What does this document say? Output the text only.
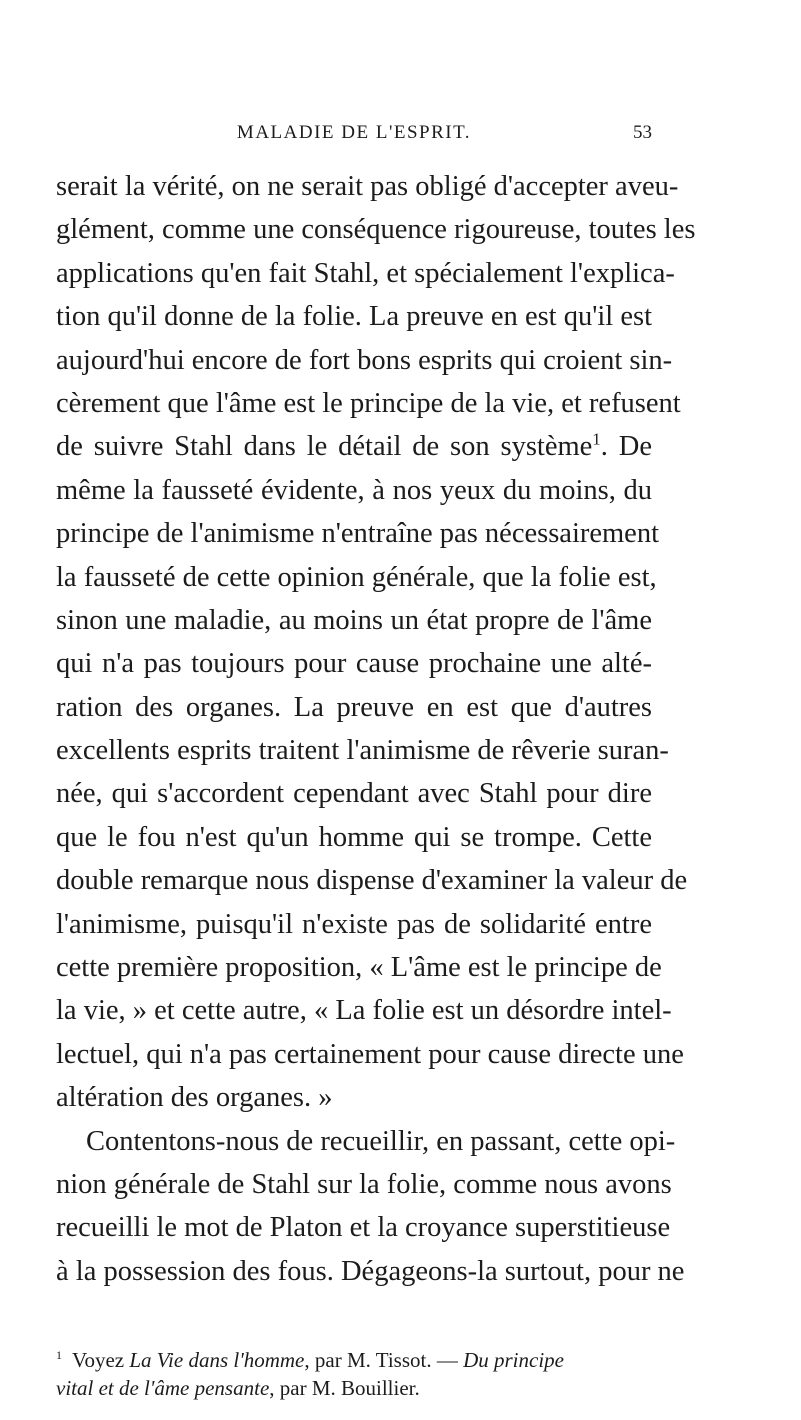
MALADIE DE L'ESPRIT.	53
serait la vérité, on ne serait pas obligé d'accepter aveu-
glément, comme une conséquence rigoureuse, toutes les
applications qu'en fait Stahl, et spécialement l'explica-
tion qu'il donne de la folie. La preuve en est qu'il est
aujourd'hui encore de fort bons esprits qui croient sin-
cèrement que l'âme est le principe de la vie, et refusent
de suivre Stahl dans le détail de son système$^1$. De
même la fausseté évidente, à nos yeux du moins, du
principe de l'animisme n'entraîne pas nécessairement
la fausseté de cette opinion générale, que la folie est,
sinon une maladie, au moins un état propre de l'âme
qui n'a pas toujours pour cause prochaine une alté-
ration des organes. La preuve en est que d'autres
excellents esprits traitent l'animisme de rêverie suran-
née, qui s'accordent cependant avec Stahl pour dire
que le fou n'est qu'un homme qui se trompe. Cette
double remarque nous dispense d'examiner la valeur de
l'animisme, puisqu'il n'existe pas de solidarité entre
cette première proposition, « L'âme est le principe de
la vie, » et cette autre, « La folie est un désordre intel-
lectuel, qui n'a pas certainement pour cause directe une
altération des organes. »
Contentons-nous de recueillir, en passant, cette opi-
nion générale de Stahl sur la folie, comme nous avons
recueilli le mot de Platon et la croyance superstitieuse
à la possession des fous. Dégageons-la surtout, pour ne
$^1$ Voyez La Vie dans l'homme, par M. Tissot. — Du principe
vital et de l'âme pensante, par M. Bouillier.
